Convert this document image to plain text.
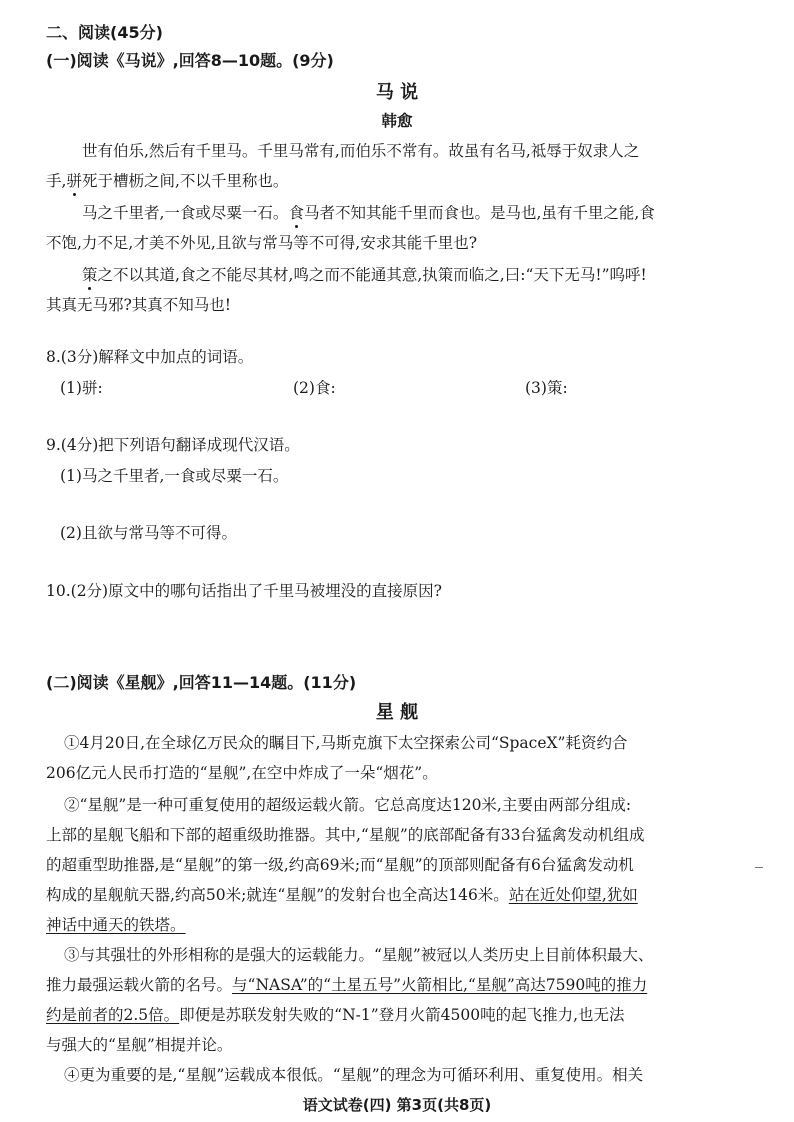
二、阅读(45分)
(一)阅读《马说》,回答8—10题。(9分)
马 说
韩愈
世有伯乐,然后有千里马。千里马常有,而伯乐不常有。故虽有名马,祗辱于奴隶人之
手,骈死于槽枥之间,不以千里称也。
马之千里者,一食或尽粟一石。食马者不知其能千里而食也。是马也,虽有千里之能,食
不饱,力不足,才美不外见,且欲与常马等不可得,安求其能千里也?
策之不以其道,食之不能尽其材,鸣之而不能通其意,执策而临之,曰:“天下无马!”呜呼!
其真无马邪?其真不知马也!
8.(3分)解释文中加点的词语。
(1)骈:	(2)食:	(3)策:
9.(4分)把下列语句翻译成现代汉语。
(1)马之千里者,一食或尽粟一石。
(2)且欲与常马等不可得。
10.(2分)原文中的哪句话指出了千里马被埋没的直接原因?
(二)阅读《星舰》,回答11—14题。(11分)
星 舰
①4月20日,在全球亿万民众的瞩目下,马斯克旗下太空探索公司“SpaceX”耗资约合
206亿元人民币打造的“星舰”,在空中炸成了一朵“烟花”。
②“星舰”是一种可重复使用的超级运载火箭。它总高度达120米,主要由两部分组成:
上部的星舰飞船和下部的超重级助推器。其中,“星舰”的底部配备有33台猛禽发动机组成
的超重型助推器,是“星舰”的第一级,约高69米;而“星舰”的顶部则配备有6台猛禽发动机
构成的星舰航天器,约高50米;就连“星舰”的发射台也全高达146米。站在近处仰望,犹如
神话中通天的铁塔。
③与其强壮的外形相称的是强大的运载能力。“星舰”被冠以人类历史上目前体积最大、
推力最强运载火箭的名号。与“NASA”的“土星五号”火箭相比,“星舰”高达7590吨的推力
约是前者的2.5倍。即便是苏联发射失败的“N-1”登月火箭4500吨的起飞推力,也无法
与强大的“星舰”相提并论。
④更为重要的是,“星舰”运载成本很低。“星舰”的理念为可循环利用、重复使用。相关
语文试卷(四) 第3页(共8页)
